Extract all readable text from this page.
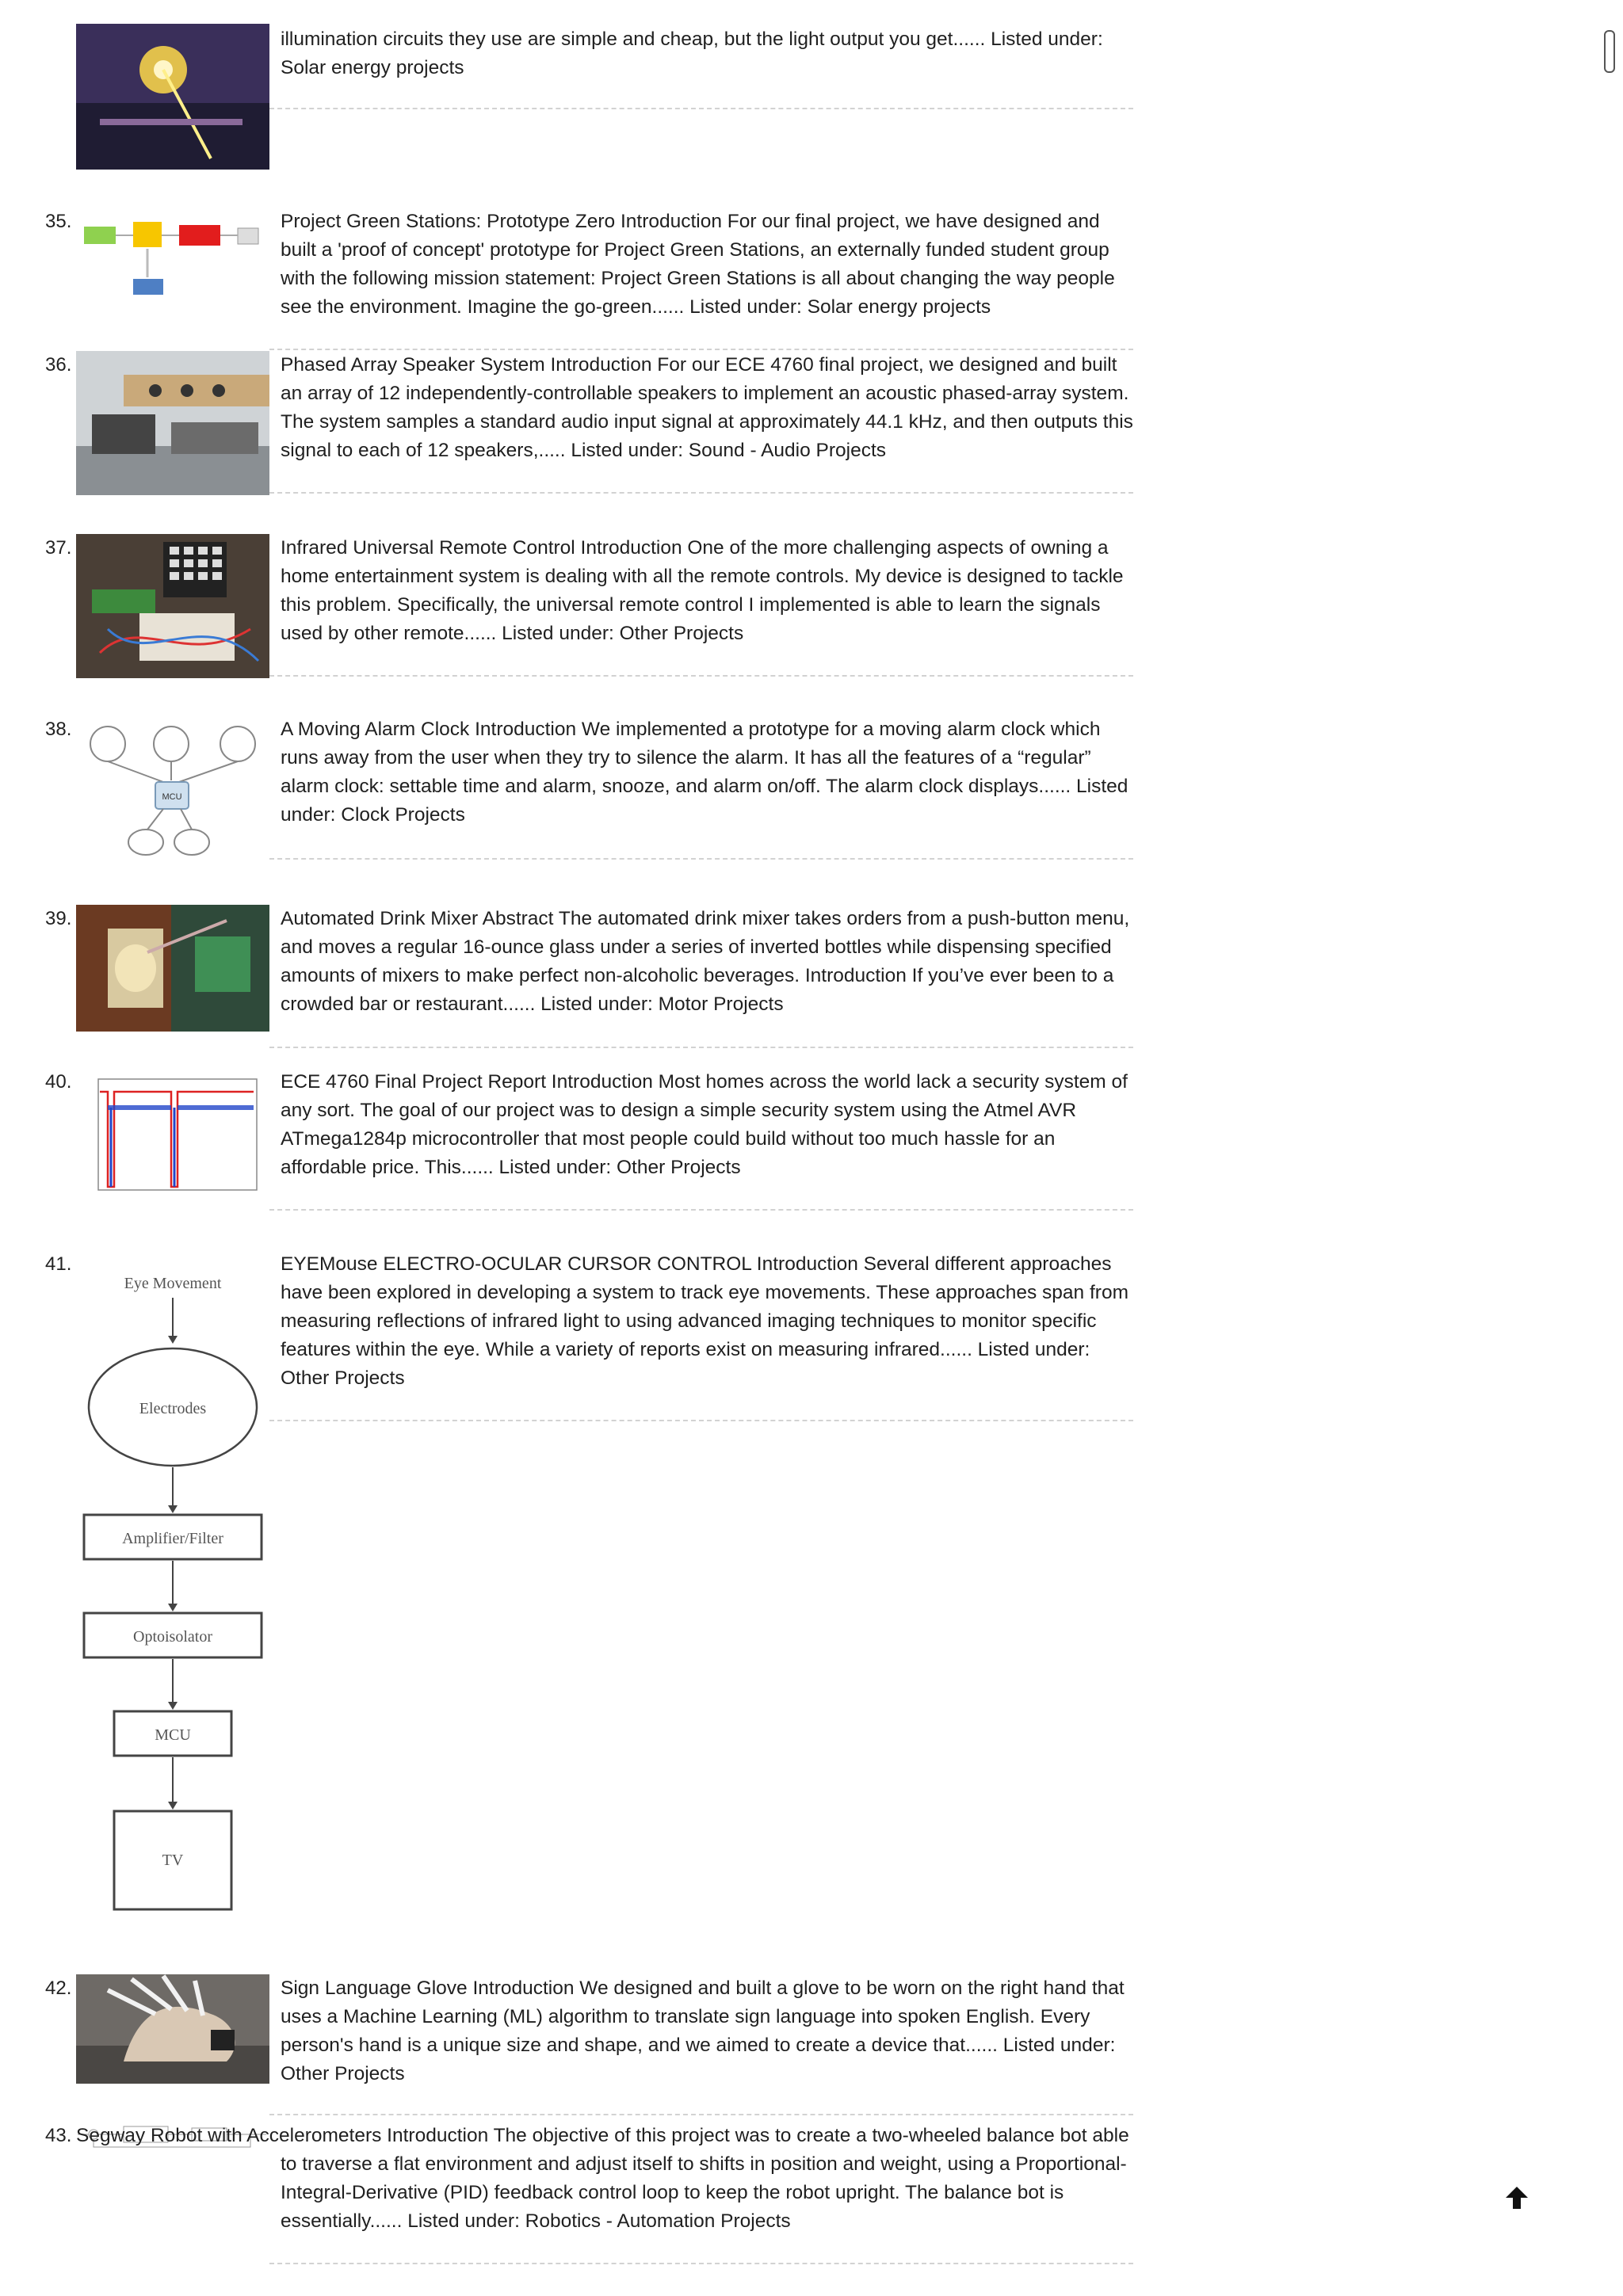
illumination circuits they use are simple and cheap, but the light output you get...... Listed under: Solar energy projects
35.	Project Green Stations: Prototype Zero Introduction For our final project, we have designed and built a 'proof of concept' prototype for Project Green Stations, an externally funded student group with the following mission statement: Project Green Stations is all about changing the way people see the environment. Imagine the go-green...... Listed under: Solar energy projects
36.	Phased Array Speaker System Introduction For our ECE 4760 final project, we designed and built an array of 12 independently-controllable speakers to implement an acoustic phased-array system. The system samples a standard audio input signal at approximately 44.1 kHz, and then outputs this signal to each of 12 speakers,..... Listed under: Sound - Audio Projects
37.	Infrared Universal Remote Control Introduction One of the more challenging aspects of owning a home entertainment system is dealing with all the remote controls. My device is designed to tackle this problem. Specifically, the universal remote control I implemented is able to learn the signals used by other remote...... Listed under: Other Projects
38.
MCU
A Moving Alarm Clock Introduction We implemented a prototype for a moving alarm clock which runs away from the user when they try to silence the alarm. It has all the features of a “regular” alarm clock: settable time and alarm, snooze, and alarm on/off. The alarm clock displays...... Listed under: Clock Projects
39.	Automated Drink Mixer Abstract The automated drink mixer takes orders from a push-button menu, and moves a regular 16-ounce glass under a series of inverted bottles while dispensing specified amounts of mixers to make perfect non-alcoholic beverages. Introduction If you’ve ever been to a crowded bar or restaurant...... Listed under: Motor Projects
40.	ECE 4760 Final Project Report Introduction Most homes across the world lack a security system of any sort. The goal of our project was to design a simple security system using the Atmel AVR ATmega1284p microcontroller that most people could build without too much hassle for an affordable price. This...... Listed under: Other Projects
41.
Eye Movement
Electrodes
Amplifier/Filter
Optoisolator
MCU
TV
EYEMouse ELECTRO-OCULAR CURSOR CONTROL Introduction Several different approaches have been explored in developing a system to track eye movements. These approaches span from measuring reflections of infrared light to using advanced imaging techniques to monitor specific features within the eye. While a variety of reports exist on measuring infrared...... Listed under: Other Projects
42.	Sign Language Glove Introduction We designed and built a glove to be worn on the right hand that uses a Machine Learning (ML) algorithm to translate sign language into spoken English. Every person's hand is a unique size and shape, and we aimed to create a device that...... Listed under: Other Projects
43. Segway Robot with Accelerometers Introduction The objective of this project was to create a two-wheeled balance bot able to traverse a flat environment and adjust itself to shifts in position and weight, using a Proportional-Integral-Derivative (PID) feedback control loop to keep the robot upright. The balance bot is essentially...... Listed under: Robotics - Automation Projects
